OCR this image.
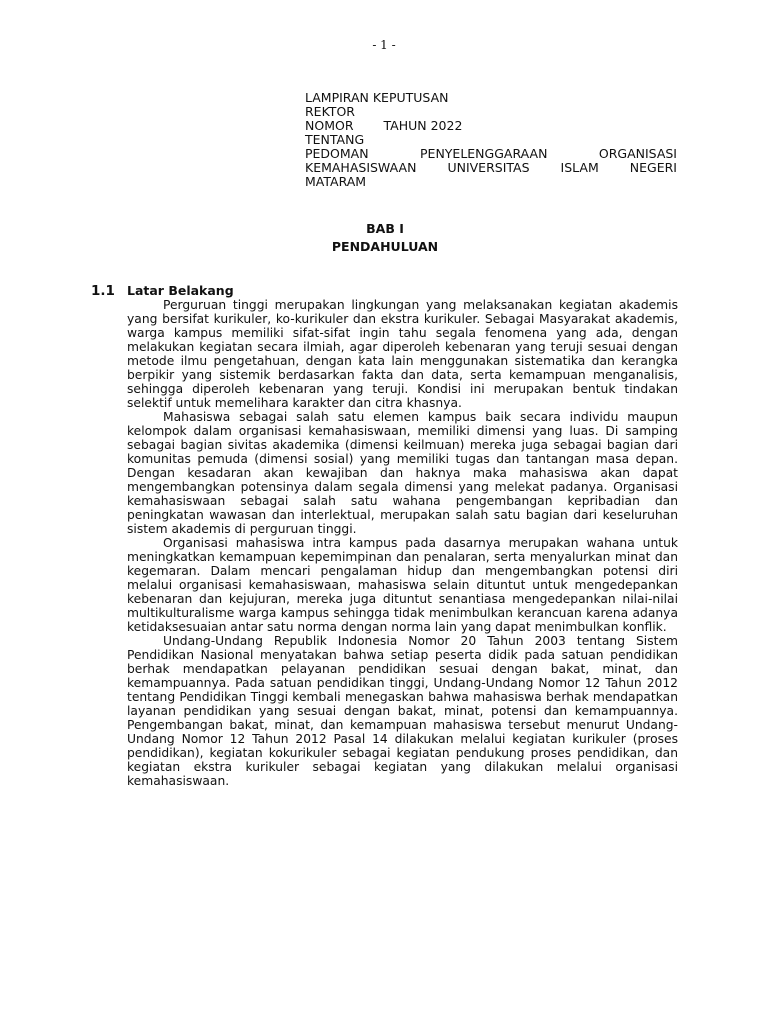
- 1 -
LAMPIRAN KEPUTUSAN
REKTOR
NOMOR TAHUN 2022
TENTANG
PEDOMAN PENYELENGGARAAN ORGANISASI
KEMAHASISWAAN UNIVERSITAS ISLAM NEGERI
MATARAM
BAB I
PENDAHULUAN
1.1 Latar Belakang

Perguruan tinggi merupakan lingkungan yang melaksanakan kegiatan akademis yang bersifat kurikuler, ko-kurikuler dan ekstra kurikuler. Sebagai Masyarakat akademis, warga kampus memiliki sifat-sifat ingin tahu segala fenomena yang ada, dengan melakukan kegiatan secara ilmiah, agar diperoleh kebenaran yang teruji sesuai dengan metode ilmu pengetahuan, dengan kata lain menggunakan sistematika dan kerangka berpikir yang sistemik berdasarkan fakta dan data, serta kemampuan menganalisis, sehingga diperoleh kebenaran yang teruji. Kondisi ini merupakan bentuk tindakan selektif untuk memelihara karakter dan citra khasnya.

Mahasiswa sebagai salah satu elemen kampus baik secara individu maupun kelompok dalam organisasi kemahasiswaan, memiliki dimensi yang luas. Di samping sebagai bagian sivitas akademika (dimensi keilmuan) mereka juga sebagai bagian dari komunitas pemuda (dimensi sosial) yang memiliki tugas dan tantangan masa depan. Dengan kesadaran akan kewajiban dan haknya maka mahasiswa akan dapat mengembangkan potensinya dalam segala dimensi yang melekat padanya. Organisasi kemahasiswaan sebagai salah satu wahana pengembangan kepribadian dan peningkatan wawasan dan interlektual, merupakan salah satu bagian dari keseluruhan sistem akademis di perguruan tinggi.

Organisasi mahasiswa intra kampus pada dasarnya merupakan wahana untuk meningkatkan kemampuan kepemimpinan dan penalaran, serta menyalurkan minat dan kegemaran. Dalam mencari pengalaman hidup dan mengembangkan potensi diri melalui organisasi kemahasiswaan, mahasiswa selain dituntut untuk mengedepankan kebenaran dan kejujuran, mereka juga dituntut senantiasa mengedepankan nilai-nilai multikulturalisme warga kampus sehingga tidak menimbulkan kerancuan karena adanya ketidaksesuaian antar satu norma dengan norma lain yang dapat menimbulkan konflik.

Undang-Undang Republik Indonesia Nomor 20 Tahun 2003 tentang Sistem Pendidikan Nasional menyatakan bahwa setiap peserta didik pada satuan pendidikan berhak mendapatkan pelayanan pendidikan sesuai dengan bakat, minat, dan kemampuannya. Pada satuan pendidikan tinggi, Undang-Undang Nomor 12 Tahun 2012 tentang Pendidikan Tinggi kembali menegaskan bahwa mahasiswa berhak mendapatkan layanan pendidikan yang sesuai dengan bakat, minat, potensi dan kemampuannya. Pengembangan bakat, minat, dan kemampuan mahasiswa tersebut menurut Undang-Undang Nomor 12 Tahun 2012 Pasal 14 dilakukan melalui kegiatan kurikuler (proses pendidikan), kegiatan kokurikuler sebagai kegiatan pendukung proses pendidikan, dan kegiatan ekstra kurikuler sebagai kegiatan yang dilakukan melalui organisasi kemahasiswaan.
